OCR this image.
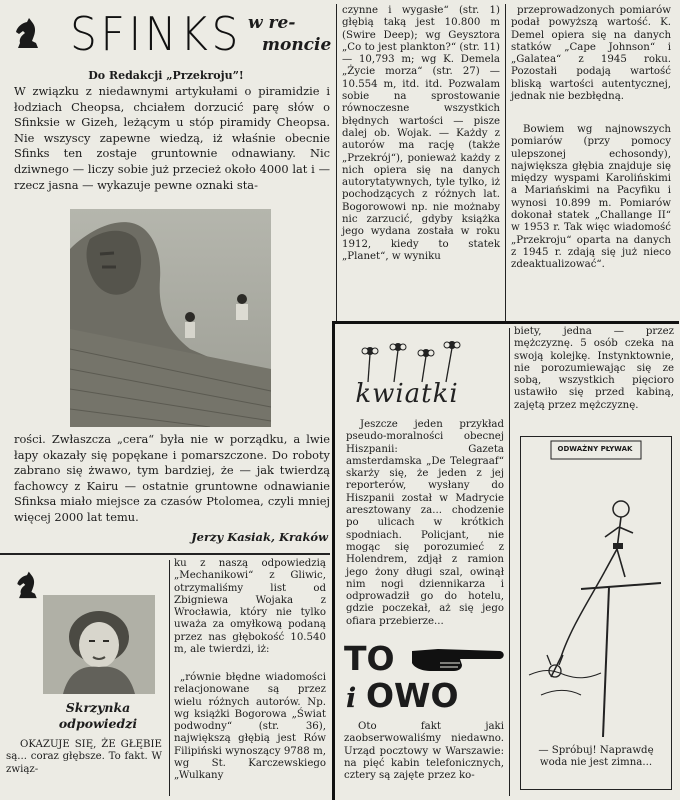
SFINKS w re-
moncie
Do Redakcji „Przekroju”!

W związku z niedawnymi artykułami o piramidzie i łodziach Cheopsa, chciałem dorzucić parę słów o Sfinksie w Gizeh, leżącym u stóp piramidy Cheopsa. Nie wszyscy zapewne wiedzą, iż właśnie obecnie Sfinks ten zostaje gruntownie odnawiany. Nic dziwnego — liczy sobie już przecież około 4000 lat i — rzecz jasna — wykazuje pewne oznaki sta-

rości. Zwłaszcza „cera“ była nie w porządku, a lwie łapy okazały się popękane i pomarszczone. Do roboty zabrano się żwawo, tym bardziej, że — jak twierdzą fachowcy z Kairu — ostatnie gruntowne odnawianie Sfinksa miało miejsce za czasów Ptolomea, czyli mniej więcej 2000 lat temu.

Jerzy Kasiak, Kraków

czynne i wygasłe“ (str. 1) głębią taką jest 10.800 m (Swire Deep); wg Geysztora „Co to jest plankton?“ (str. 11) — 10,793 m; wg K. Demela „Życie morza“ (str. 27) — 10.554 m, itd. itd. Pozwalam sobie na sprostowanie równoczesne wszystkich błędnych wartości — pisze dalej ob. Wojak. — Każdy z autorów ma rację (także „Przekrój“), ponieważ każdy z nich opiera się na danych autorytatywnych, tyle tylko, iż pochodzących z różnych lat. Bogorowowi np. nie możnaby nic zarzucić, gdyby książka jego wydana została w roku 1912, kiedy to statek „Planet“, w wyniku

przeprowadzonych pomiarów podał powyższą wartość. K. Demel opiera się na danych statków „Cape Johnson“ i „Galatea“ z 1945 roku. Pozostałi podają wartość bliską wartości autentycznej, jednak nie bezbłędną.

Bowiem wg najnowszych pomiarów (przy pomocy ulepszonej echosondy), największa głębia znajduje się między wyspami Karolińskimi a Mariańskimi na Pacyfiku i wynosi 10.899 m. Pomiarów dokonał statek „Challange II“ w 1953 r. Tak więc wiadomość „Przekroju“ oparta na danych z 1945 r. zdają się już nieco zdeaktualizować“.

Skrzynka
odpowiedzi

OKAZUJE SIĘ, ŻE GŁĘBIE są... coraz głębsze. To fakt. W związ-

ku z naszą odpowiedzią „Mechanikowi“ z Gliwic, otrzymaliśmy list od Zbigniewa Wojaka z Wrocławia, który nie tylko uważa za omyłkową podaną przez nas głębokość 10.540 m, ale twierdzi, iż:

„równie błędne wiadomości relacjonowane są przez wielu różnych autorów. Np. wg książki Bogorowa „Świat podwodny“ (str. 36), największą głębią jest Rów Filipiński wynoszący 9788 m, wg St. Karczewskiego „Wulkany

kwiatki

Jeszcze jeden przykład pseudo-moralności obecnej Hiszpanii: Gazeta amsterdamska „De Telegraaf“ skarży się, że jeden z jej reporterów, wysłany do Hiszpanii został w Madrycie aresztowany za... chodzenie po ulicach w krótkich spodniach. Policjant, nie mogąc się porozumieć z Holendrem, zdjął z ramion jego żony długi szal, owinął nim nogi dziennikarza i odprowadził go do hotelu, gdzie poczekał, aż się jego ofiara przebierze...

TO
i OWO

Oto fakt jaki zaobserwowaliśmy niedawno. Urząd pocztowy w Warszawie: na pięć kabin telefonicznych, cztery są zajęte przez ko-

biety, jedna — przez mężczyznę. 5 osób czeka na swoją kolejkę. Instynktownie, nie porozumiewając się ze sobą, wszystkich pięcioro ustawiło się przed kabiną, zajętą przez mężczyznę.

ODWAŻNY PŁYWAK

— Spróbuj! Naprawdę woda nie jest zimna...
